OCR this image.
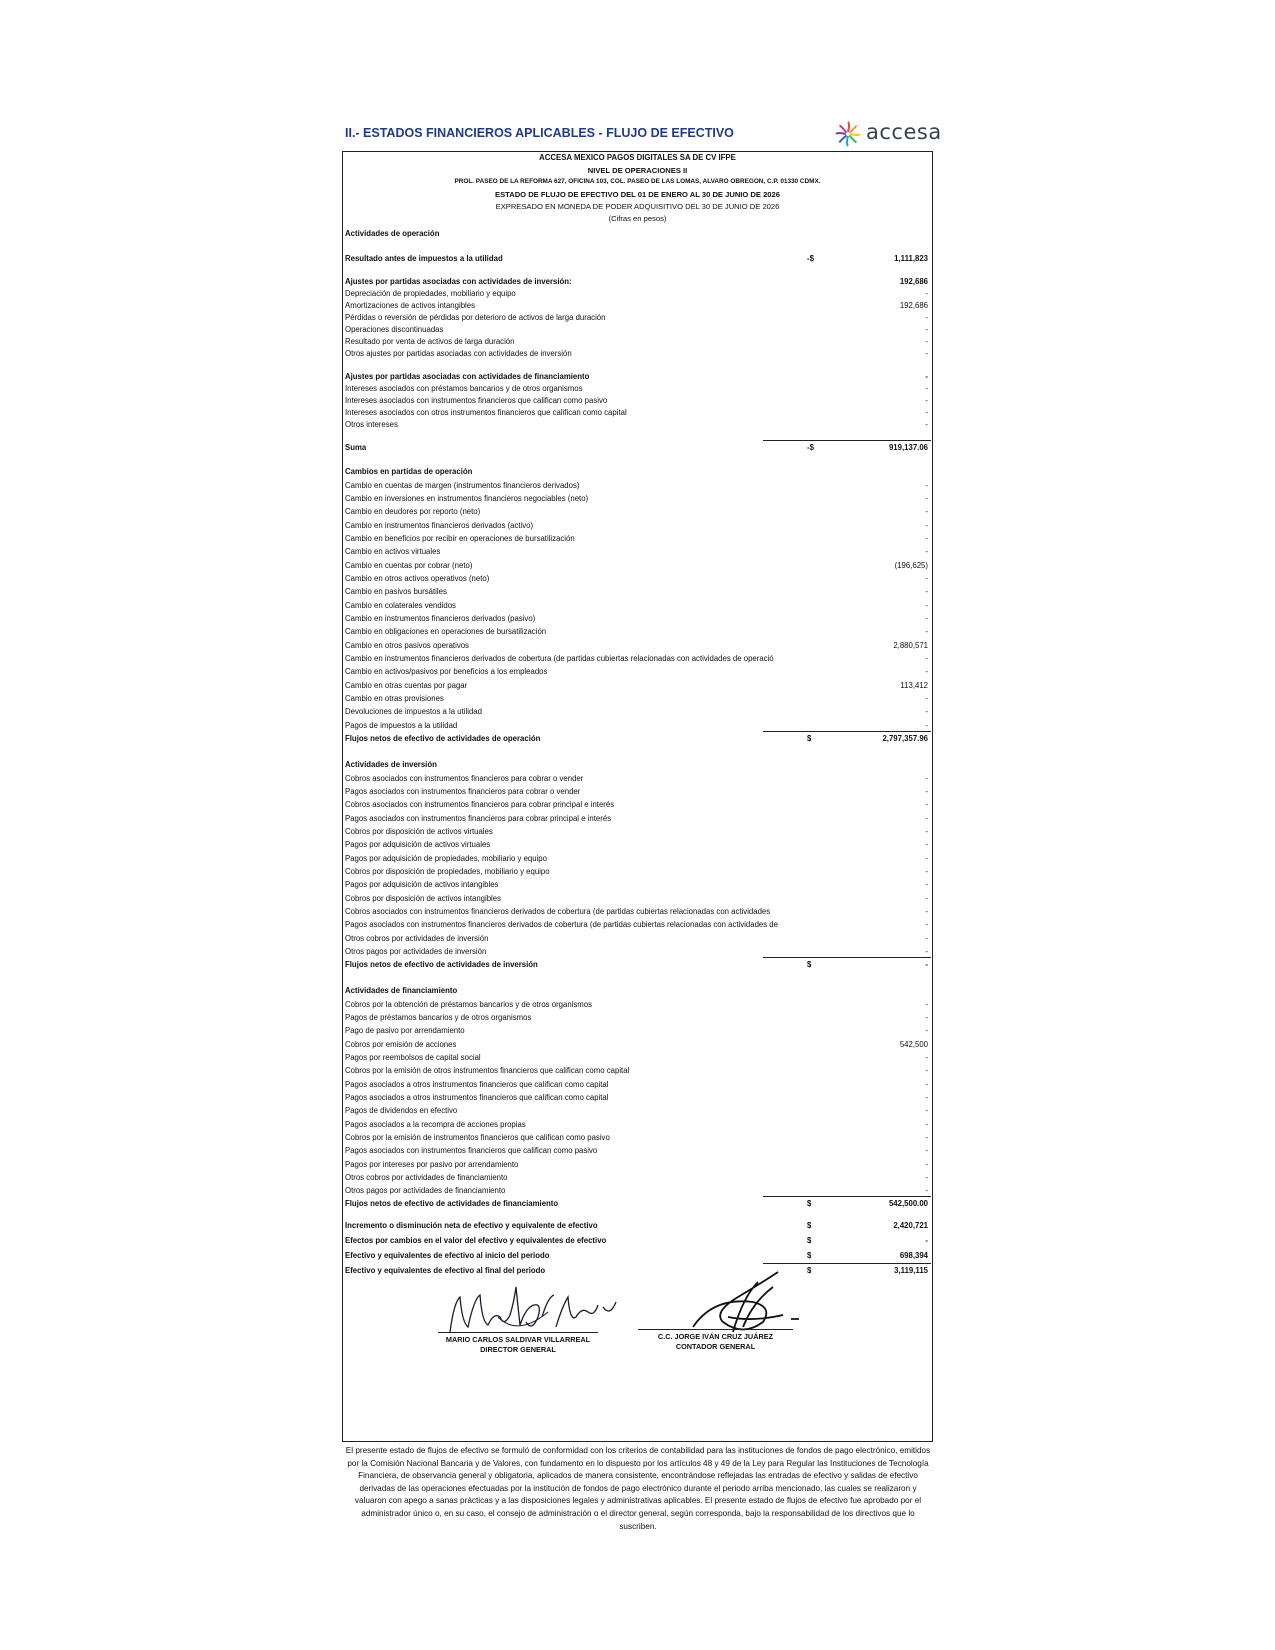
II.- ESTADOS FINANCIEROS APLICABLES - FLUJO DE EFECTIVO	accesa
ACCESA MEXICO PAGOS DIGITALES SA DE CV IFPE
NIVEL DE OPERACIONES II
PROL. PASEO DE LA REFORMA 627, OFICINA 103, COL. PASEO DE LAS LOMAS, ALVARO OBREGON, C.P. 01330 CDMX.
ESTADO DE FLUJO DE EFECTIVO DEL 01 DE ENERO AL 30 DE JUNIO DE 2026
EXPRESADO EN MONEDA DE PODER ADQUISITIVO DEL 30 DE JUNIO DE 2026
(Cifras en pesos)
Actividades de operación
Resultado antes de impuestos a la utilidad	-$	1,111,823
Ajustes por partidas asociadas con actividades de inversión:	192,686
Depreciación de propiedades, mobiliario y equipo	-
Amortizaciones de activos intangibles	192,686
Pérdidas o reversión de pérdidas por deterioro de activos de larga duración	-
Operaciones discontinuadas	-
Resultado por venta de activos de larga duración	-
Otros ajustes por partidas asociadas con actividades de inversión	-
Ajustes por partidas asociadas con actividades de financiamiento	-
Intereses asociados con préstamos bancarios y de otros organismos	-
Intereses asociados con instrumentos financieros que califican como pasivo	-
Intereses asociados con otros instrumentos financieros que califican como capital	-
Otros intereses	-
Suma	-$	919,137.06
Cambios en partidas de operación
Cambio en cuentas de margen (instrumentos financieros derivados)	-
Cambio en inversiones en instrumentos financieros negociables (neto)	-
Cambio en deudores por reporto (neto)	-
Cambio en instrumentos financieros derivados (activo)	-
Cambio en beneficios por recibir en operaciones de bursatilización	-
Cambio en activos virtuales	-
Cambio en cuentas por cobrar (neto)	(196,625)
Cambio en otros activos operativos (neto)	-
Cambio en pasivos bursátiles	-
Cambio en colaterales vendidos	-
Cambio en instrumentos financieros derivados (pasivo)	-
Cambio en obligaciones en operaciones de bursatilización	-
Cambio en otros pasivos operativos	2,880,571
Cambio en instrumentos financieros derivados de cobertura (de partidas cubiertas relacionadas con actividades de operació	-
Cambio en activos/pasivos por beneficios a los empleados	-
Cambio en otras cuentas por pagar	113,412
Cambio en otras provisiones	-
Devoluciones de impuestos a la utilidad	-
Pagos de impuestos a la utilidad	-
Flujos netos de efectivo de actividades de operación	$	2,797,357.96
Actividades de inversión
Cobros asociados con instrumentos financieros para cobrar o vender	-
Pagos asociados con instrumentos financieros para cobrar o vender	-
Cobros asociados con instrumentos financieros para cobrar principal e interés	-
Pagos asociados con instrumentos financieros para cobrar principal e interés	-
Cobros por disposición de activos virtuales	-
Pagos por adquisición de activos virtuales	-
Pagos por adquisición de propiedades, mobiliario y equipo	-
Cobros por disposición de propiedades, mobiliario y equipo	-
Pagos por adquisición de activos intangibles	-
Cobros por disposición de activos intangibles	-
Cobros asociados con instrumentos financieros derivados de cobertura (de partidas cubiertas relacionadas con actividades	-
Pagos asociados con instrumentos financieros derivados de cobertura (de partidas cubiertas relacionadas con actividades de	-
Otros cobros por actividades de inversión	-
Otros pagos por actividades de inversión	-
Flujos netos de efectivo de actividades de inversión	$	-
Actividades de financiamiento
Cobros por la obtención de préstamos bancarios y de otros organismos	-
Pagos de préstamos bancarios y de otros organismos	-
Pago de pasivo por arrendamiento	-
Cobros por emisión de acciones	542,500
Pagos por reembolsos de capital social	-
Cobros por la emisión de otros instrumentos financieros que califican como capital	-
Pagos asociados a otros instrumentos financieros que califican como capital	-
Pagos asociados a otros instrumentos financieros que califican como capital	-
Pagos de dividendos en efectivo	-
Pagos asociados a la recompra de acciones propias	-
Cobros por la emisión de instrumentos financieros que califican como pasivo	-
Pagos asociados con instrumentos financieros que califican como pasivo	-
Pagos por intereses por pasivo por arrendamiento	-
Otros cobros por actividades de financiamiento	-
Otros pagos por actividades de financiamiento	-
Flujos netos de efectivo de actividades de financiamiento	$	542,500.00
Incremento o disminución neta de efectivo y equivalente de efectivo	$	2,420,721
Efectos por cambios en el valor del efectivo y equivalentes de efectivo	$	-
Efectivo y equivalentes de efectivo al inicio del periodo	$	698,394
Efectivo y equivalentes de efectivo al final del periodo	$	3,119,115
MARIO CARLOS SALDIVAR VILLARREAL
DIRECTOR GENERAL
C.C. JORGE IVÁN CRUZ JUÁREZ
CONTADOR GENERAL
El presente estado de flujos de efectivo se formuló de conformidad con los criterios de contabilidad para las instituciones de fondos de pago electrónico, emitidos por la Comisión Nacional Bancaria y de Valores, con fundamento en lo dispuesto por los artículos 48 y 49 de la Ley para Regular las Instituciones de Tecnología Financiera, de observancia general y obligatoria, aplicados de manera consistente, encontrándose reflejadas las entradas de efectivo y salidas de efectivo derivadas de las operaciones efectuadas por la institución de fondos de pago electrónico durante el periodo arriba mencionado, las cuales se realizaron y valuaron con apego a sanas prácticas y a las disposiciones legales y administrativas aplicables. El presente estado de flujos de efectivo fue aprobado por el administrador único o, en su caso, el consejo de administración o el director general, según corresponda, bajo la responsabilidad de los directivos que lo suscriben.
